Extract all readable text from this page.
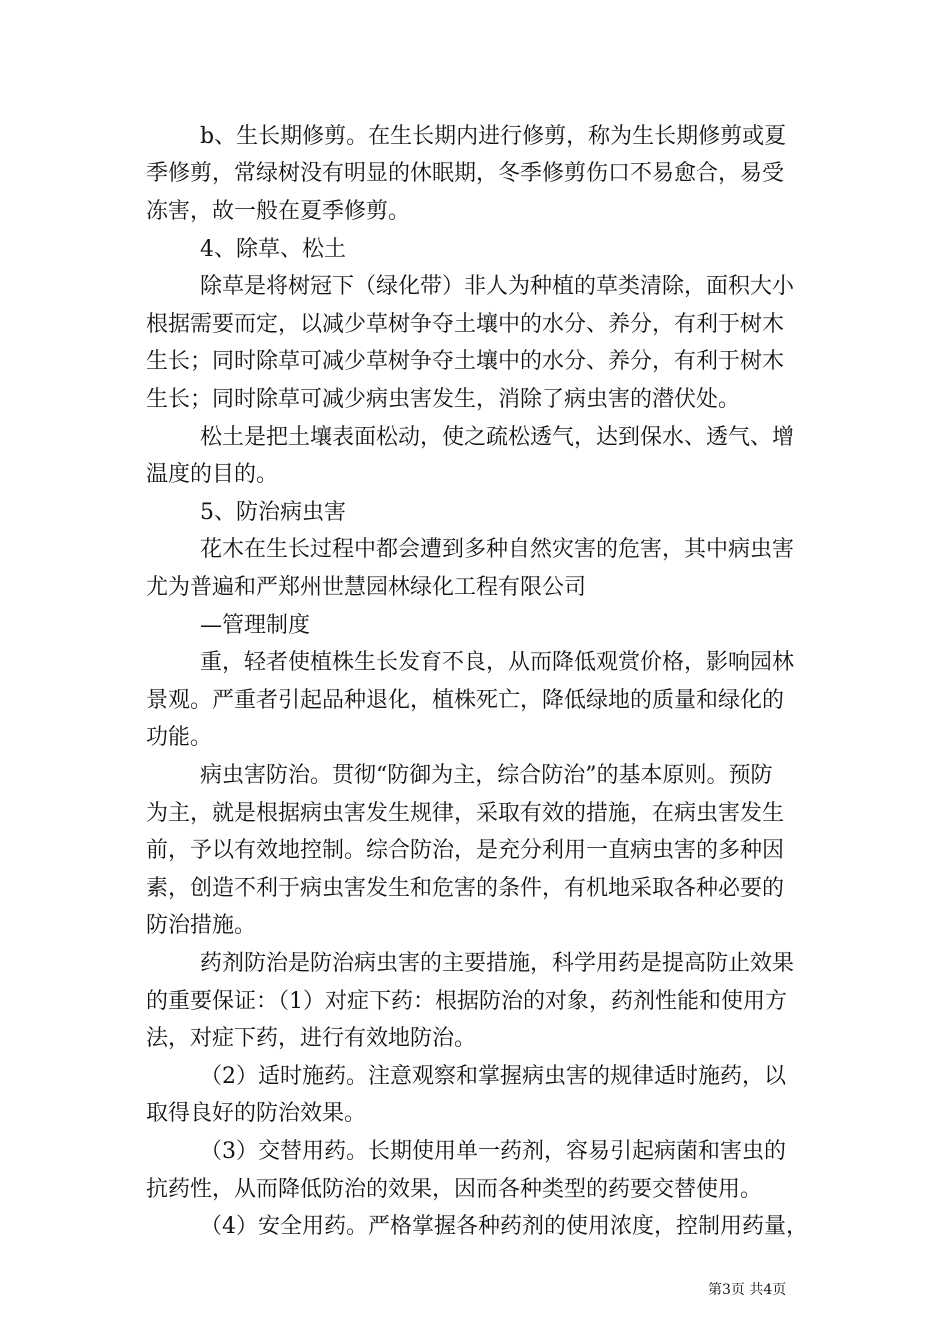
b、生长期修剪。在生长期内进行修剪，称为生长期修剪或夏
季修剪，常绿树没有明显的休眠期，冬季修剪伤口不易愈合，易受
冻害，故一般在夏季修剪。
4、除草、松土
除草是将树冠下（绿化带）非人为种植的草类清除，面积大小
根据需要而定，以减少草树争夺土壤中的水分、养分，有利于树木
生长；同时除草可减少草树争夺土壤中的水分、养分，有利于树木
生长；同时除草可减少病虫害发生，消除了病虫害的潜伏处。
松土是把土壤表面松动，使之疏松透气，达到保水、透气、增
温度的目的。
5、防治病虫害
花木在生长过程中都会遭到多种自然灾害的危害，其中病虫害
尤为普遍和严郑州世慧园林绿化工程有限公司
—管理制度
重，轻者使植株生长发育不良，从而降低观赏价格，影响园林
景观。严重者引起品种退化，植株死亡，降低绿地的质量和绿化的
功能。
病虫害防治。贯彻“防御为主，综合防治”的基本原则。预防
为主，就是根据病虫害发生规律，采取有效的措施，在病虫害发生
前，予以有效地控制。综合防治，是充分利用一直病虫害的多种因
素，创造不利于病虫害发生和危害的条件，有机地采取各种必要的
防治措施。
药剂防治是防治病虫害的主要措施，科学用药是提高防止效果
的重要保证：（1）对症下药：根据防治的对象，药剂性能和使用方
法，对症下药，进行有效地防治。
（2）适时施药。注意观察和掌握病虫害的规律适时施药，以
取得良好的防治效果。
（3）交替用药。长期使用单一药剂，容易引起病菌和害虫的
抗药性，从而降低防治的效果，因而各种类型的药要交替使用。
（4）安全用药。严格掌握各种药剂的使用浓度，控制用药量，
第3页 共4页
